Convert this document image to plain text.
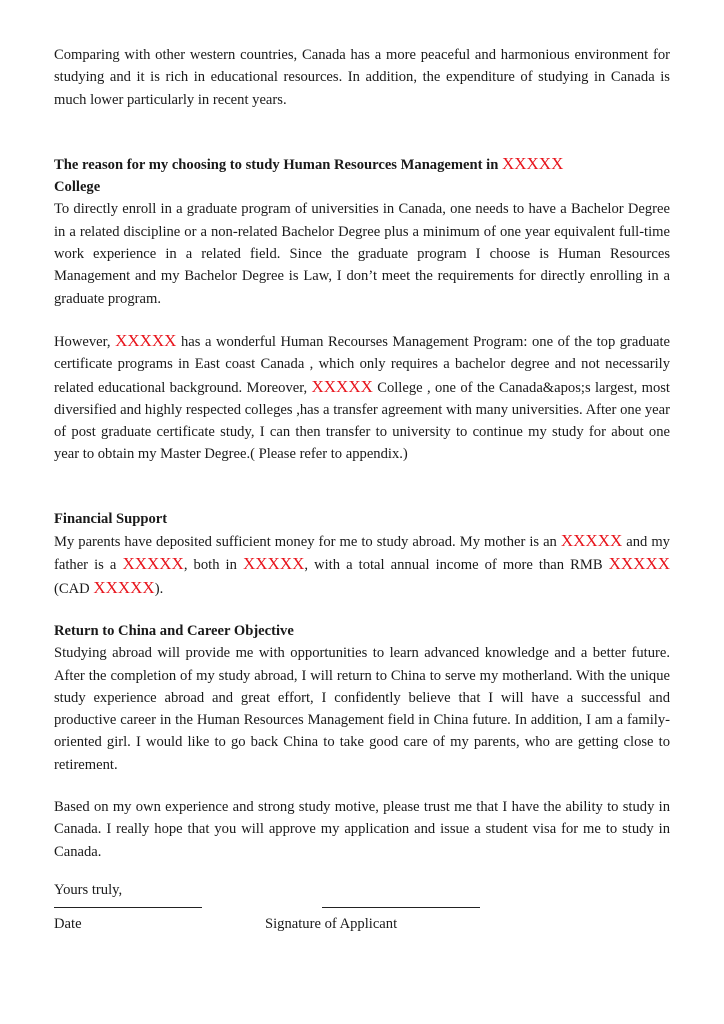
Comparing with other western countries, Canada has a more peaceful and harmonious environment for studying and it is rich in educational resources. In addition, the expenditure of studying in Canada is much lower particularly in recent years.

The reason for my choosing to study Human Resources Management in XXXXX
College

To directly enroll in a graduate program of universities in Canada, one needs to have a Bachelor Degree in a related discipline or a non-related Bachelor Degree plus a minimum of one year equivalent full-time work experience in a related field. Since the graduate program I choose is Human Resources Management and my Bachelor Degree is Law, I don’t meet the requirements for directly enrolling in a graduate program.

However, XXXXX has a wonderful Human Recourses Management Program: one of the top graduate certificate programs in East coast Canada , which only requires a bachelor degree and not necessarily related educational background. Moreover, XXXXX College , one of the Canada&apos;s largest, most diversified and highly respected colleges ,has a transfer agreement with many universities. After one year of post graduate certificate study, I can then transfer to university to continue my study for about one year to obtain my Master Degree.( Please refer to appendix.)

Financial Support

My parents have deposited sufficient money for me to study abroad. My mother is an XXXXX and my father is a XXXXX, both in XXXXX, with a total annual income of more than RMB XXXXX (CAD XXXXX).

Return to China and Career Objective

Studying abroad will provide me with opportunities to learn advanced knowledge and a better future. After the completion of my study abroad, I will return to China to serve my motherland. With the unique study experience abroad and great effort, I confidently believe that I will have a successful and productive career in the Human Resources Management field in China future. In addition, I am a family-oriented girl. I would like to go back China to take good care of my parents, who are getting close to retirement.

Based on my own experience and strong study motive, please trust me that I have the ability to study in Canada. I really hope that you will approve my application and issue a student visa for me to study in Canada.

Yours truly,

Date	Signature of Applicant
